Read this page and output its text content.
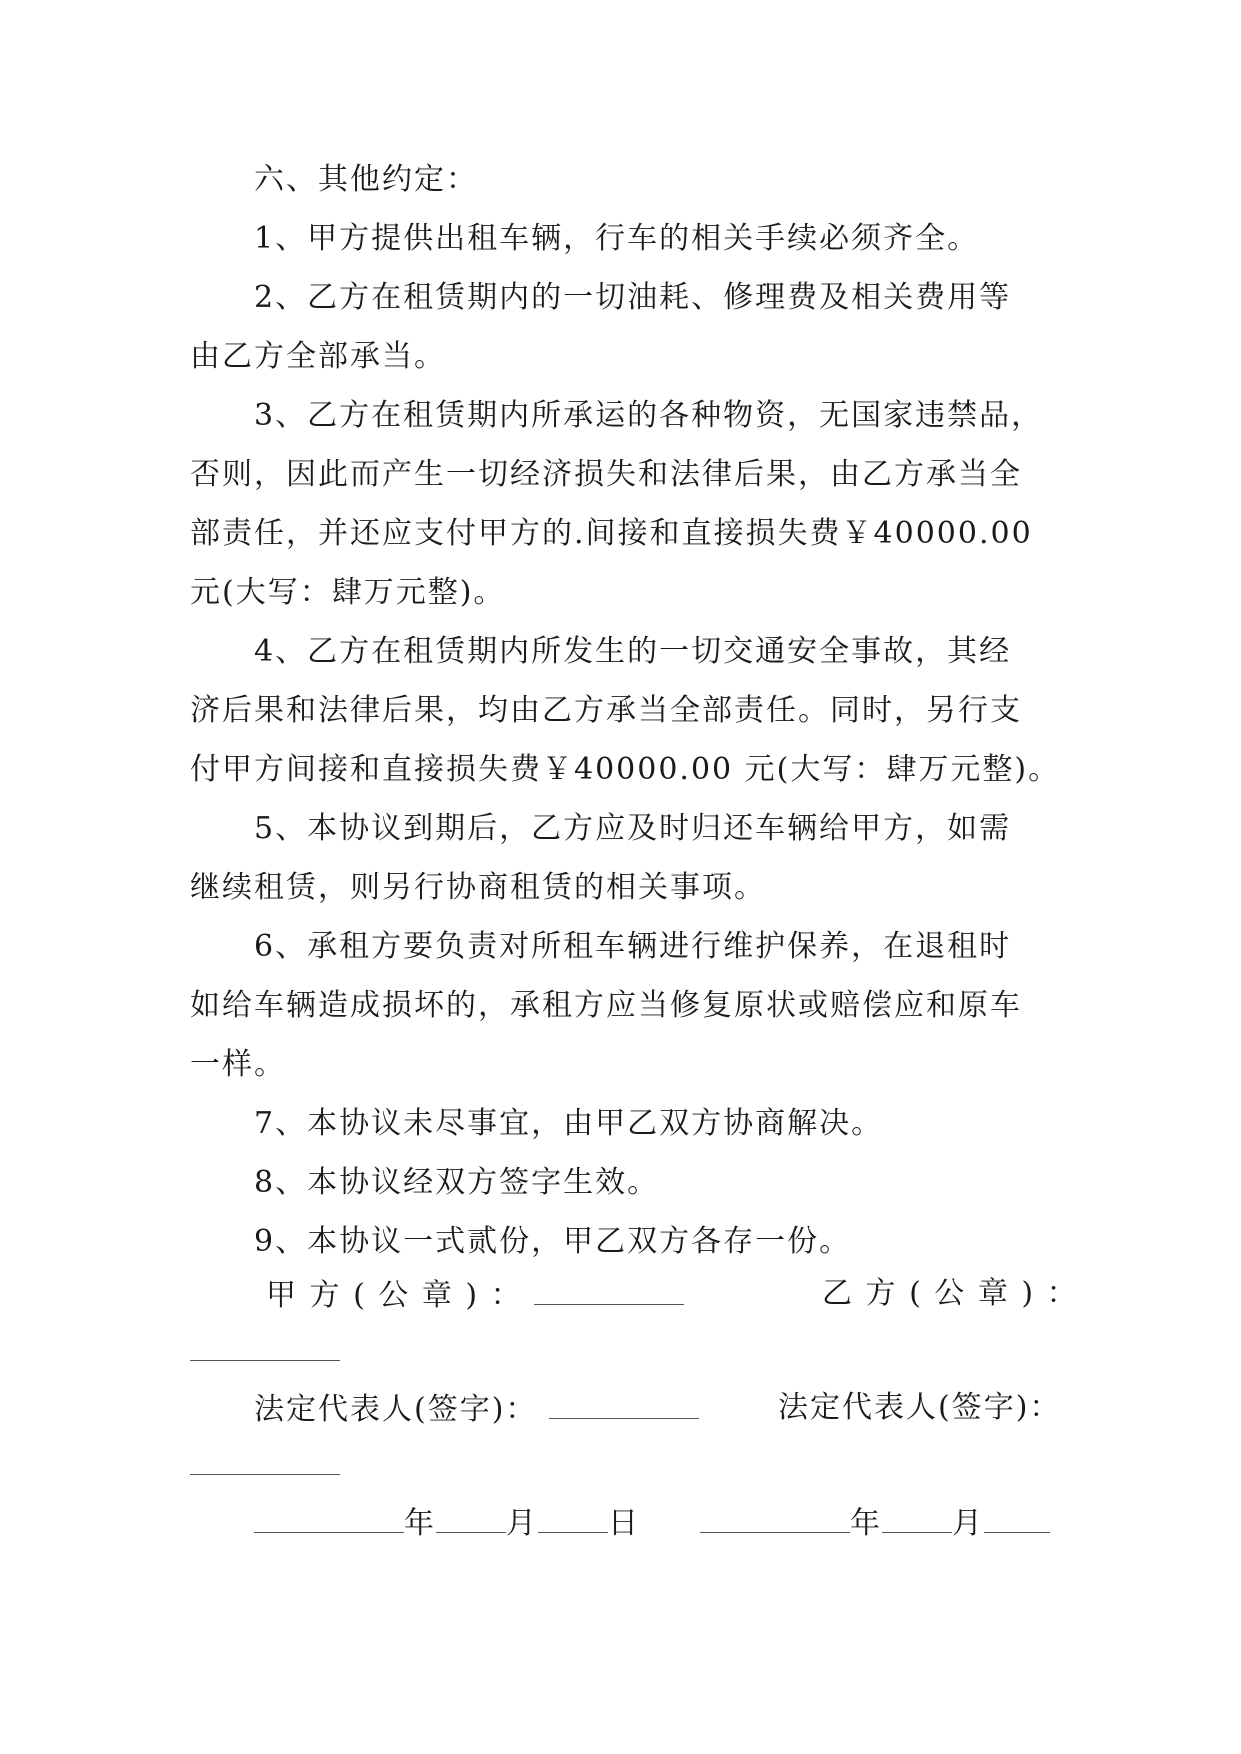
六、其他约定：

1、甲方提供出租车辆，行车的相关手续必须齐全。

2、乙方在租赁期内的一切油耗、修理费及相关费用等
由乙方全部承当。

3、乙方在租赁期内所承运的各种物资，无国家违禁品，
否则，因此而产生一切经济损失和法律后果，由乙方承当全
部责任，并还应支付甲方的.间接和直接损失费￥40000.00
元(大写：肆万元整)。

4、乙方在租赁期内所发生的一切交通安全事故，其经
济后果和法律后果，均由乙方承当全部责任。同时，另行支
付甲方间接和直接损失费￥40000.00 元(大写：肆万元整)。

5、本协议到期后，乙方应及时归还车辆给甲方，如需
继续租赁，则另行协商租赁的相关事项。

6、承租方要负责对所租车辆进行维护保养，在退租时
如给车辆造成损坏的，承租方应当修复原状或赔偿应和原车
一样。

7、本协议未尽事宜，由甲乙双方协商解决。

8、本协议经双方签字生效。

9、本协议一式贰份，甲乙双方各存一份。

甲 方 ( 公 章 ) ：	乙 方 ( 公 章 ) ：
法定代表人(签字)：	法定代表人(签字)：
年 月 日	年 月
